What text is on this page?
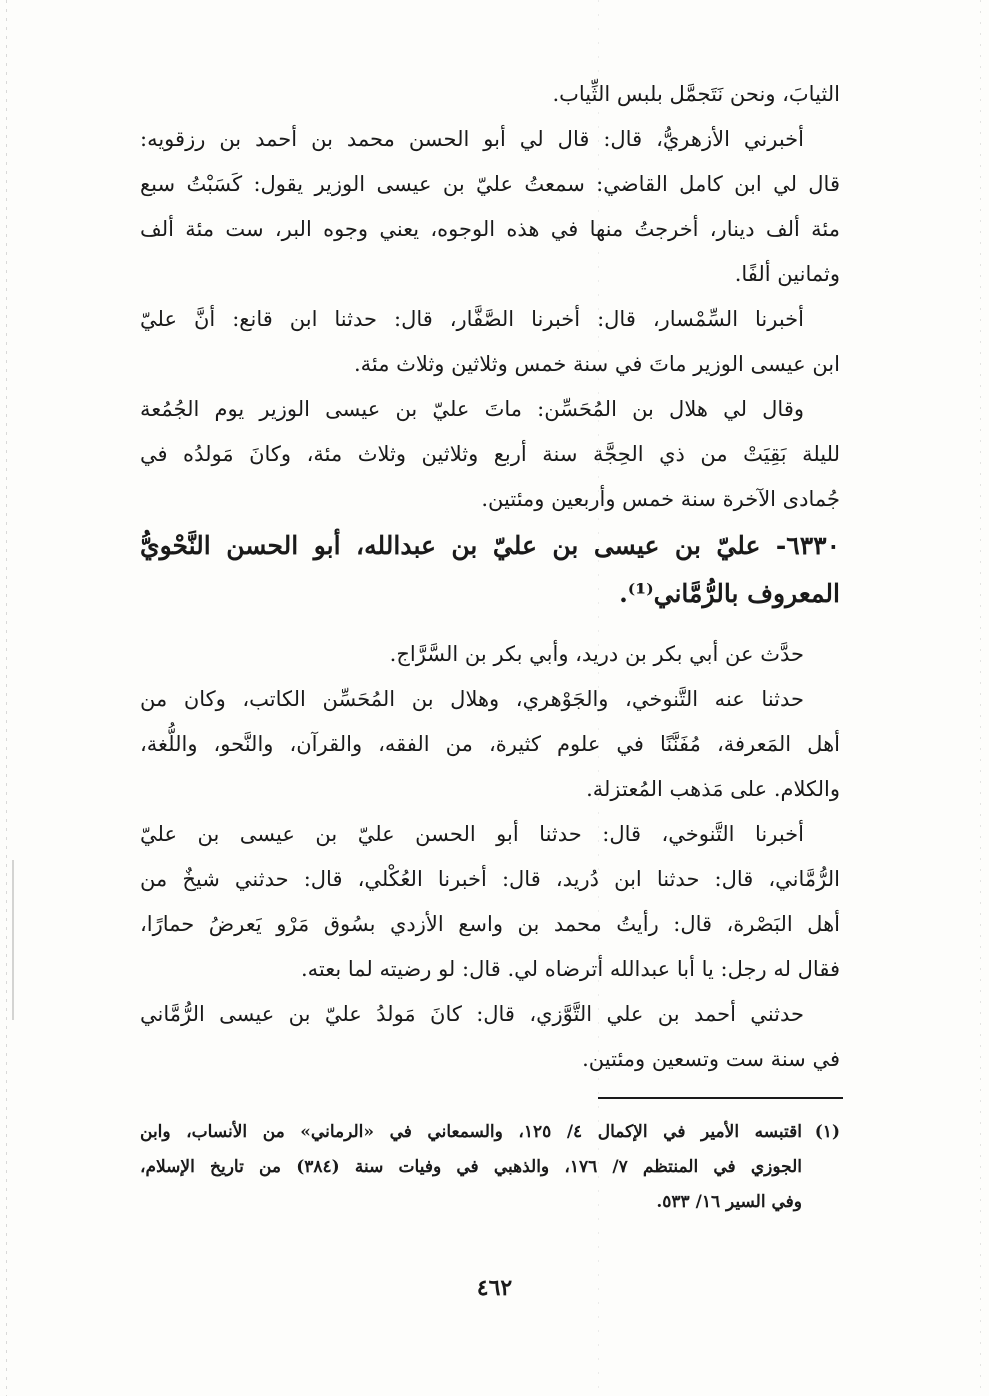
الثيابَ، ونحن نَتَجمَّل بلبس الثِّياب.
أخبرني الأزهريُّ، قال: قال لي أبو الحسن محمد بن أحمد بن رزقويه:
قال لي ابن كامل القاضي: سمعتُ عليّ بن عيسى الوزير يقول: كَسَبْتُ سبع
مئة ألف دينار، أخرجتُ منها في هذه الوجوه، يعني وجوه البر، ست مئة ألف
وثمانين ألفًا.
أخبرنا السِّمْسار، قال: أخبرنا الصَّفَّار، قال: حدثنا ابن قانع: أنَّ عليّ
ابن عيسى الوزير ماتَ في سنة خمس وثلاثين وثلاث مئة.
وقال لي هلال بن المُحَسِّن: ماتَ عليّ بن عيسى الوزير يوم الجُمُعة
لليلة بَقِيَتْ من ذي الحِجَّة سنة أربع وثلاثين وثلاث مئة، وكانَ مَولدُه في
جُمادى الآخرة سنة خمس وأربعين ومئتين.
٦٣٣٠- عليّ بن عيسى بن عليّ بن عبدالله، أبو الحسن النَّحْويُّ
المعروف بالرُّمَّاني⁽¹⁾.
حدَّث عن أبي بكر بن دريد، وأبي بكر بن السَّرَّاج.
حدثنا عنه التَّنوخي، والجَوْهري، وهلال بن المُحَسِّن الكاتب، وكان من
أهل المَعرفة، مُفَنَّنًا في علوم كثيرة، من الفقه، والقرآن، والنَّحو، واللُّغة،
والكلام. على مَذهب المُعتزلة.
أخبرنا التَّنوخي، قال: حدثنا أبو الحسن عليّ بن عيسى بن عليّ
الرُّمَّاني، قال: حدثنا ابن دُريد، قال: أخبرنا العُكْلي، قال: حدثني شيخٌ من
أهل البَصْرة، قال: رأيتُ محمد بن واسع الأزدي بسُوق مَرْو يَعرضُ حمارًا،
فقال له رجل: يا أبا عبدالله أترضاه لي. قال: لو رضيته لما بعته.
حدثني أحمد بن علي التَّوَّزي، قال: كانَ مَولدُ عليّ بن عيسى الرُّمَّاني
في سنة ست وتسعين ومئتين.
(١)اقتبسه الأمير في الإكمال ٤/ ١٢٥، والسمعاني في «الرماني» من الأنساب، وابن
الجوزي في المنتظم ٧/ ١٧٦، والذهبي في وفيات سنة (٣٨٤) من تاريخ الإسلام،
وفي السير ١٦/ ٥٣٣.
٤٦٢
